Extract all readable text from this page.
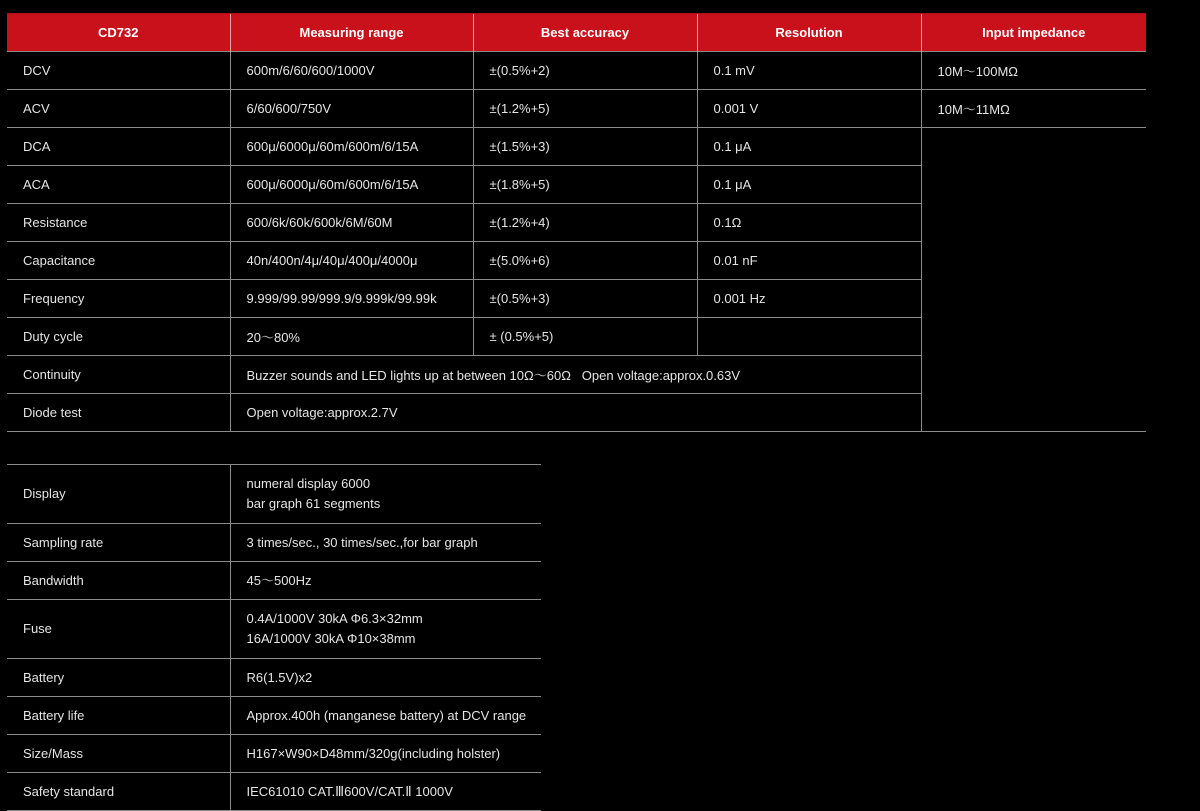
CD732	Measuring range	Best accuracy	Resolution	Input impedance
DCV	600m/6/60/600/1000V	±(0.5%+2)	0.1 mV	10M〜100MΩ
ACV	6/60/600/750V	±(1.2%+5)	0.001 V	10M〜11MΩ
DCA	600μ/6000μ/60m/600m/6/15A	±(1.5%+3)	0.1 μA	
ACA	600μ/6000μ/60m/600m/6/15A	±(1.8%+5)	0.1 μA	
Resistance	600/6k/60k/600k/6M/60M	±(1.2%+4)	0.1Ω	
Capacitance	40n/400n/4μ/40μ/400μ/4000μ	±(5.0%+6)	0.01 nF	
Frequency	9.999/99.99/999.9/9.999k/99.99k	±(0.5%+3)	0.001 Hz	
Duty cycle	20〜80%	± (0.5%+5)		
Continuity	Buzzer sounds and LED lights up at between 10Ω〜60Ω   Open voltage:approx.0.63V			
Diode test	Open voltage:approx.2.7V			
Display	numeral display 6000
bar graph 61 segments

Sampling rate	3 times/sec., 30 times/sec.,for bar graph
Bandwidth	45〜500Hz
Fuse	0.4A/1000V 30kA Φ6.3×32mm
16A/1000V 30kA Φ10×38mm

Battery	R6(1.5V)x2
Battery life	Approx.400h (manganese battery) at DCV range
Size/Mass	H167×W90×D48mm/320g(including holster)
Safety standard	IEC61010 CAT.Ⅲ600V/CAT.Ⅱ 1000V
